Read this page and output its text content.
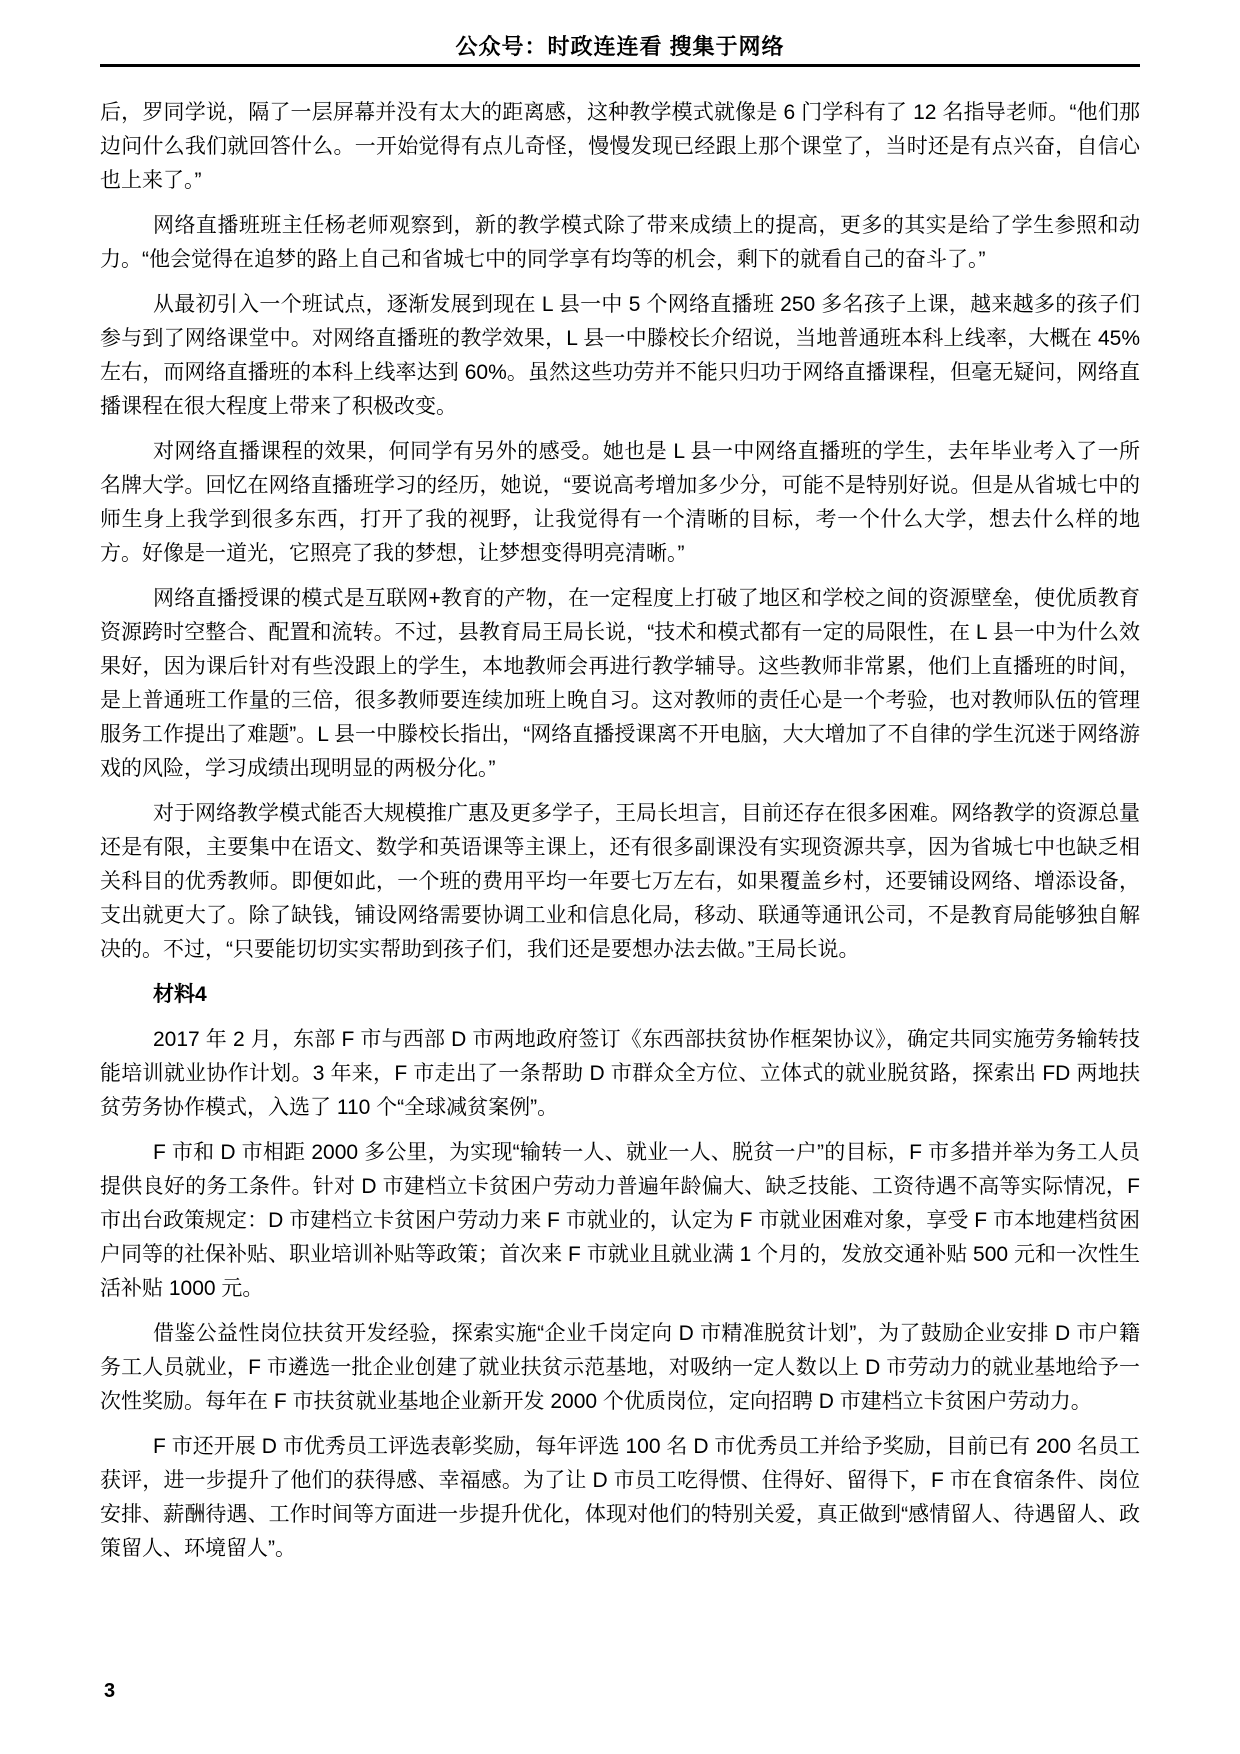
公众号：时政连连看 搜集于网络

后，罗同学说，隔了一层屏幕并没有太大的距离感，这种教学模式就像是 6 门学科有了 12 名指导老师。“他们那边问什么我们就回答什么。一开始觉得有点儿奇怪，慢慢发现已经跟上那个课堂了，当时还是有点兴奋，自信心也上来了。”

网络直播班班主任杨老师观察到，新的教学模式除了带来成绩上的提高，更多的其实是给了学生参照和动力。“他会觉得在追梦的路上自己和省城七中的同学享有均等的机会，剩下的就看自己的奋斗了。”

从最初引入一个班试点，逐渐发展到现在 L 县一中 5 个网络直播班 250 多名孩子上课，越来越多的孩子们参与到了网络课堂中。对网络直播班的教学效果，L 县一中滕校长介绍说，当地普通班本科上线率，大概在 45%左右，而网络直播班的本科上线率达到 60%。虽然这些功劳并不能只归功于网络直播课程，但毫无疑问，网络直播课程在很大程度上带来了积极改变。

对网络直播课程的效果，何同学有另外的感受。她也是 L 县一中网络直播班的学生，去年毕业考入了一所名牌大学。回忆在网络直播班学习的经历，她说，“要说高考增加多少分，可能不是特别好说。但是从省城七中的师生身上我学到很多东西，打开了我的视野，让我觉得有一个清晰的目标，考一个什么大学，想去什么样的地方。好像是一道光，它照亮了我的梦想，让梦想变得明亮清晰。”

网络直播授课的模式是互联网+教育的产物，在一定程度上打破了地区和学校之间的资源壁垒，使优质教育资源跨时空整合、配置和流转。不过，县教育局王局长说，“技术和模式都有一定的局限性，在 L 县一中为什么效果好，因为课后针对有些没跟上的学生，本地教师会再进行教学辅导。这些教师非常累，他们上直播班的时间，是上普通班工作量的三倍，很多教师要连续加班上晚自习。这对教师的责任心是一个考验，也对教师队伍的管理服务工作提出了难题”。L 县一中滕校长指出，“网络直播授课离不开电脑，大大增加了不自律的学生沉迷于网络游戏的风险，学习成绩出现明显的两极分化。”

对于网络教学模式能否大规模推广惠及更多学子，王局长坦言，目前还存在很多困难。网络教学的资源总量还是有限，主要集中在语文、数学和英语课等主课上，还有很多副课没有实现资源共享，因为省城七中也缺乏相关科目的优秀教师。即便如此，一个班的费用平均一年要七万左右，如果覆盖乡村，还要铺设网络、增添设备，支出就更大了。除了缺钱，铺设网络需要协调工业和信息化局，移动、联通等通讯公司，不是教育局能够独自解决的。不过，“只要能切切实实帮助到孩子们，我们还是要想办法去做。”王局长说。

材料4

2017 年 2 月，东部 F 市与西部 D 市两地政府签订《东西部扶贫协作框架协议》，确定共同实施劳务输转技能培训就业协作计划。3 年来，F 市走出了一条帮助 D 市群众全方位、立体式的就业脱贫路，探索出 FD 两地扶贫劳务协作模式，入选了 110 个“全球减贫案例”。

F 市和 D 市相距 2000 多公里，为实现“输转一人、就业一人、脱贫一户”的目标，F 市多措并举为务工人员提供良好的务工条件。针对 D 市建档立卡贫困户劳动力普遍年龄偏大、缺乏技能、工资待遇不高等实际情况，F 市出台政策规定：D 市建档立卡贫困户劳动力来 F 市就业的，认定为 F 市就业困难对象，享受 F 市本地建档贫困户同等的社保补贴、职业培训补贴等政策；首次来 F 市就业且就业满 1 个月的，发放交通补贴 500 元和一次性生活补贴 1000 元。

借鉴公益性岗位扶贫开发经验，探索实施“企业千岗定向 D 市精准脱贫计划”，为了鼓励企业安排 D 市户籍务工人员就业，F 市遴选一批企业创建了就业扶贫示范基地，对吸纳一定人数以上 D 市劳动力的就业基地给予一次性奖励。每年在 F 市扶贫就业基地企业新开发 2000 个优质岗位，定向招聘 D 市建档立卡贫困户劳动力。

F 市还开展 D 市优秀员工评选表彰奖励，每年评选 100 名 D 市优秀员工并给予奖励，目前已有 200 名员工获评，进一步提升了他们的获得感、幸福感。为了让 D 市员工吃得惯、住得好、留得下，F 市在食宿条件、岗位安排、薪酬待遇、工作时间等方面进一步提升优化，体现对他们的特别关爱，真正做到“感情留人、待遇留人、政策留人、环境留人”。

3
